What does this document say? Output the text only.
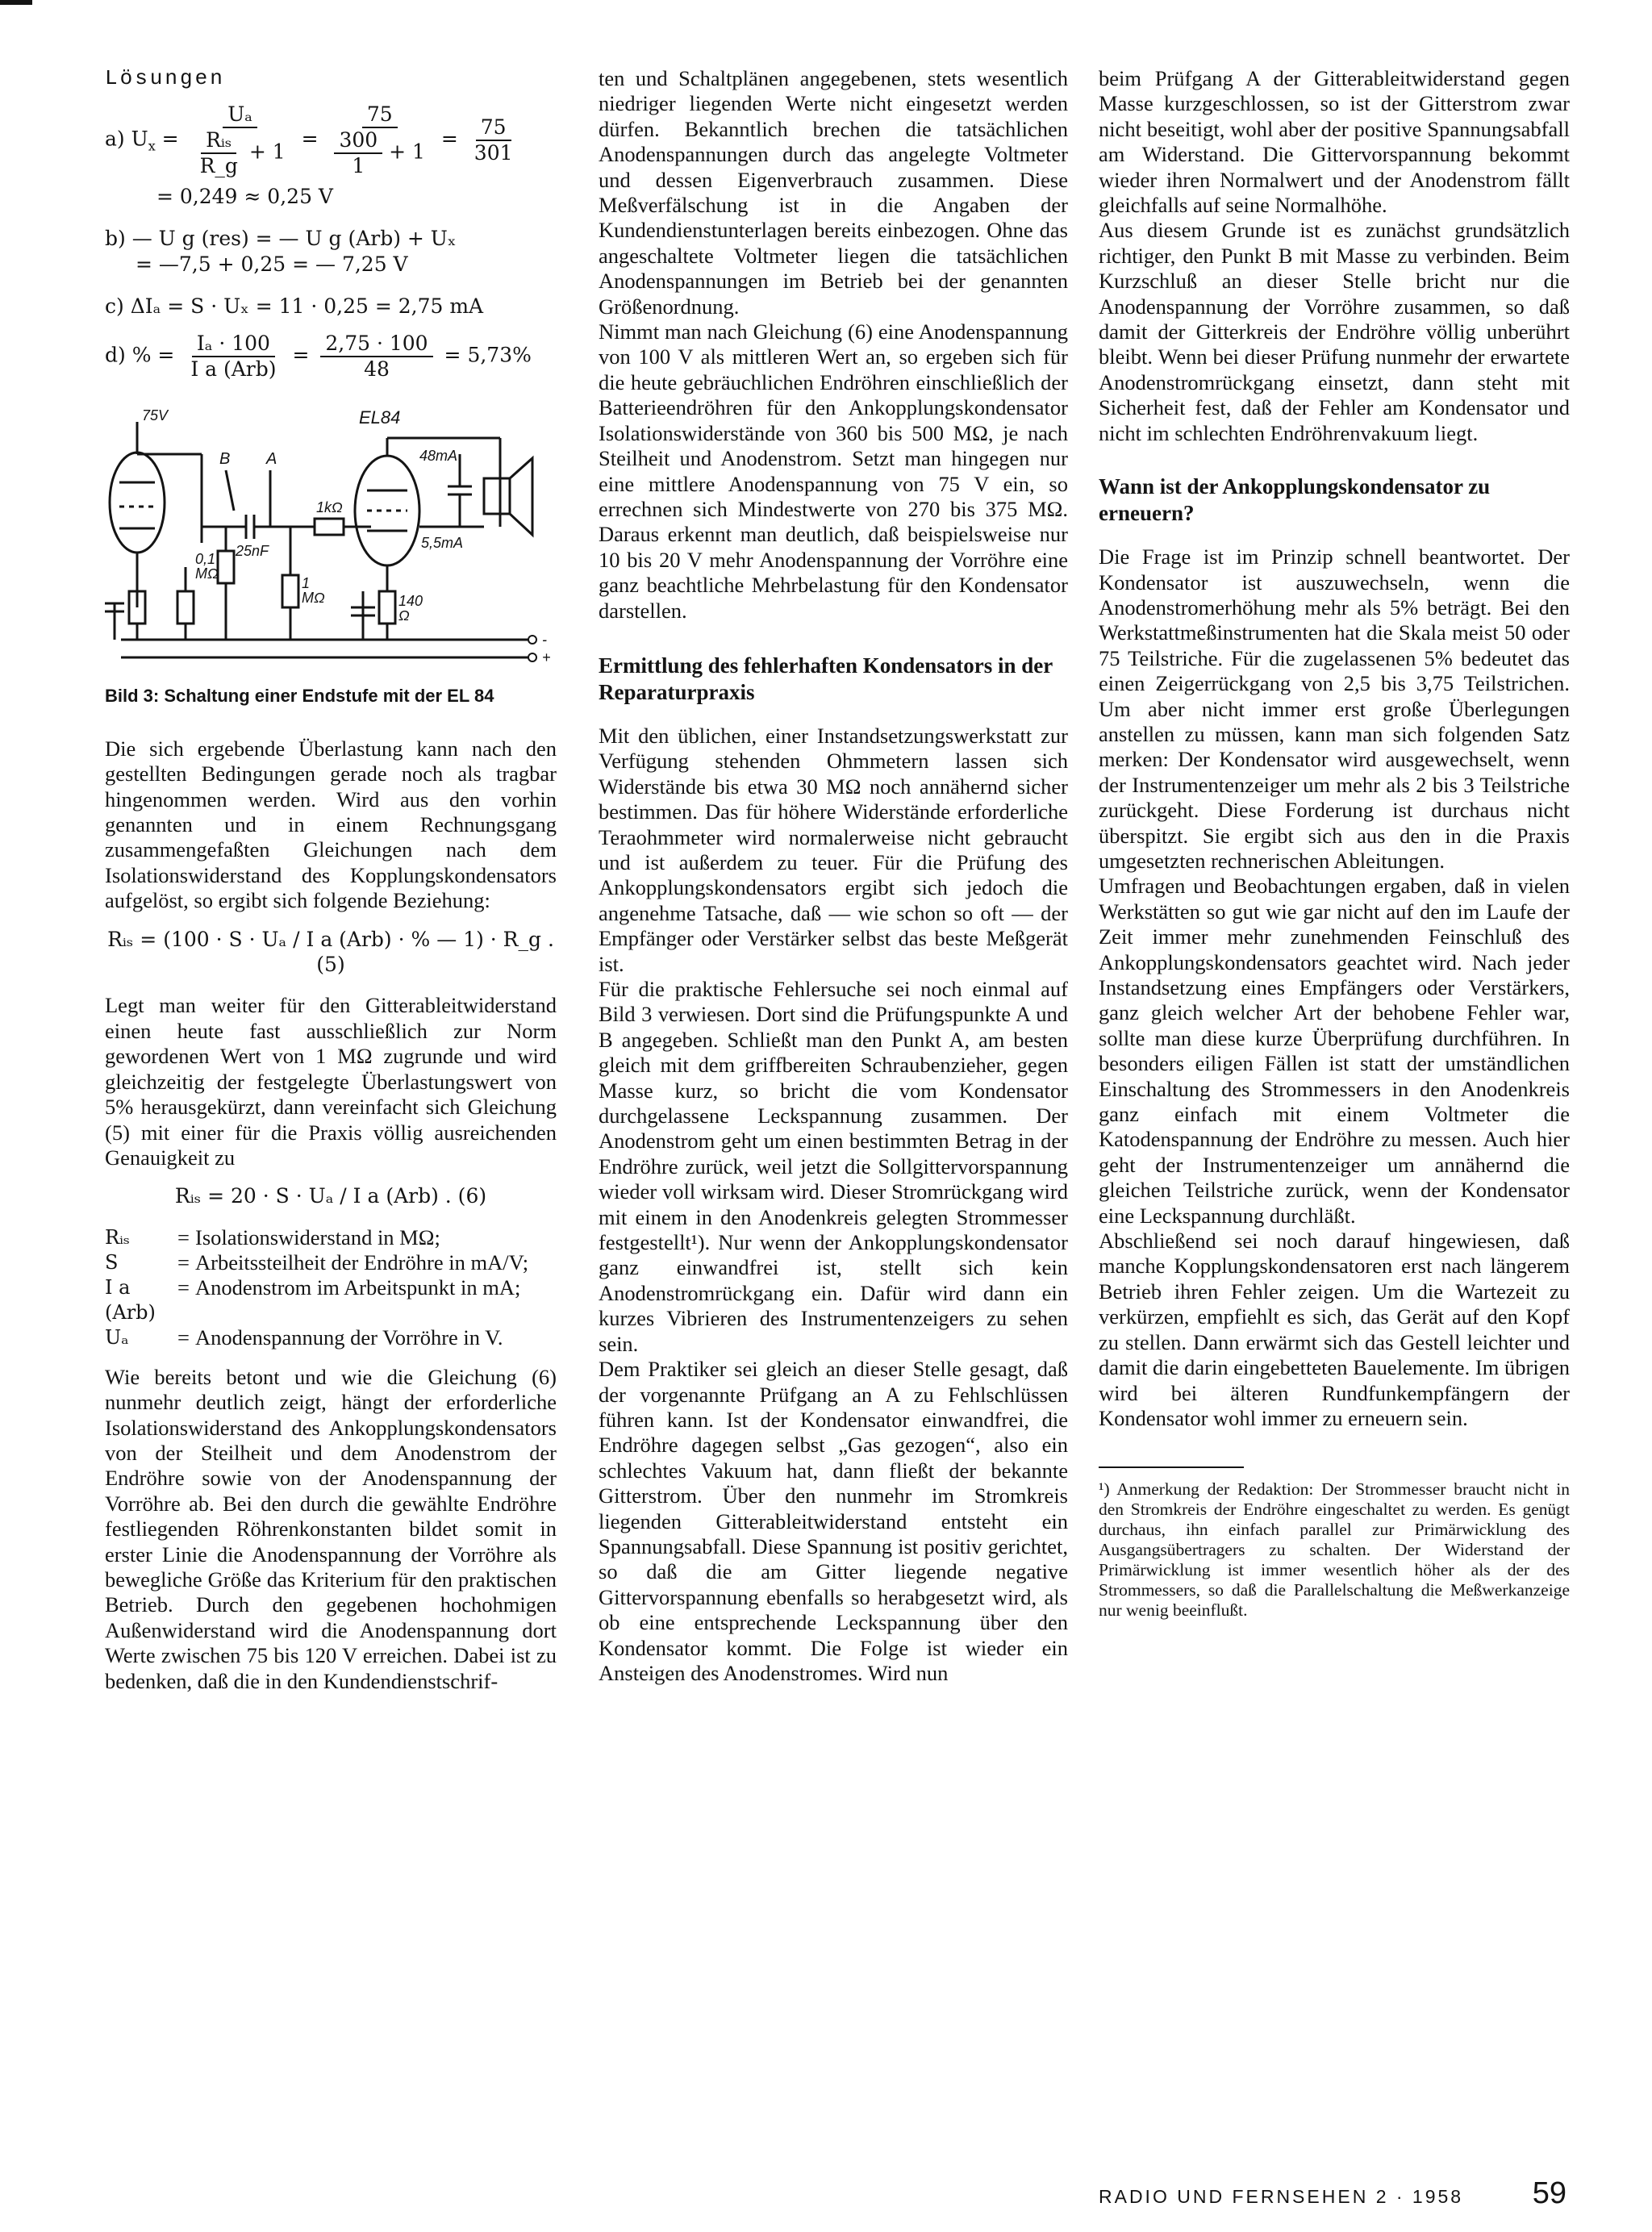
Lösungen
a) $U_x = \frac{\text{Uₐ}}{\frac{\text{Rᵢₛ}}{R\_g} + 1} = \frac{75}{\frac{300}{1} + 1} = \frac{75}{301}$
= 0,249 ≈ 0,25 V
b) — U g (res) = — U g (Arb) + Uₓ
= —7,5 + 0,25 = — 7,25 V
c) ΔIₐ = S · Uₓ = 11 · 0,25 = 2,75 mA
d) % = $\frac{\text{Iₐ · 100}}{\text{I a (Arb)}} = \frac{2,75 \cdot 100}{48} = 5,73\%$
75V	EL84
B A	48mA
1kΩ
0,1
MΩ
25nF
1
MΩ
5,5mA
140
Ω
-
+
Bild 3: Schaltung einer Endstufe mit der EL 84

Die sich ergebende Überlastung kann nach den gestellten Bedingungen gerade noch als tragbar hingenommen werden. Wird aus den vorhin genannten und in einem Rechnungsgang zusammengefaßten Gleichungen nach dem Isolationswiderstand des Kopplungskondensators aufgelöst, so ergibt sich folgende Beziehung:

Rᵢₛ = (100 · S · Uₐ / I a (Arb) · % — 1) · R_g . (5)

Legt man weiter für den Gitterableitwiderstand einen heute fast ausschließlich zur Norm gewordenen Wert von 1 MΩ zugrunde und wird gleichzeitig der festgelegte Überlastungswert von 5% herausgekürzt, dann vereinfacht sich Gleichung (5) mit einer für die Praxis völlig ausreichenden Genauigkeit zu

Rᵢₛ = 20 · S · Uₐ / I a (Arb) . (6)
Rᵢₛ	=	Isolationswiderstand in MΩ;
S	=	Arbeitssteilheit der Endröhre in mA/V;
I a (Arb)	=	Anodenstrom im Arbeitspunkt in mA;
Uₐ	=	Anodenspannung der Vorröhre in V.

Wie bereits betont und wie die Gleichung (6) nunmehr deutlich zeigt, hängt der erforderliche Isolationswiderstand des Ankopplungskondensators von der Steilheit und dem Anodenstrom der Endröhre sowie von der Anodenspannung der Vorröhre ab. Bei den durch die gewählte Endröhre festliegenden Röhrenkonstanten bildet somit in erster Linie die Anodenspannung der Vorröhre als bewegliche Größe das Kriterium für den praktischen Betrieb. Durch den gegebenen hochohmigen Außenwiderstand wird die Anodenspannung dort Werte zwischen 75 bis 120 V erreichen. Dabei ist zu bedenken, daß die in den Kundendienstschrif-

ten und Schaltplänen angegebenen, stets wesentlich niedriger liegenden Werte nicht eingesetzt werden dürfen. Bekanntlich brechen die tatsächlichen Anodenspannungen durch das angelegte Voltmeter und dessen Eigenverbrauch zusammen. Diese Meßverfälschung ist in die Angaben der Kundendienstunterlagen bereits einbezogen. Ohne das angeschaltete Voltmeter liegen die tatsächlichen Anodenspannungen im Betrieb bei der genannten Größenordnung.

Nimmt man nach Gleichung (6) eine Anodenspannung von 100 V als mittleren Wert an, so ergeben sich für die heute gebräuchlichen Endröhren einschließlich der Batterieendröhren für den Ankopplungskondensator Isolationswiderstände von 360 bis 500 MΩ, je nach Steilheit und Anodenstrom. Setzt man hingegen nur eine mittlere Anodenspannung von 75 V ein, so errechnen sich Mindestwerte von 270 bis 375 MΩ. Daraus erkennt man deutlich, daß beispielsweise nur 10 bis 20 V mehr Anodenspannung der Vorröhre eine ganz beachtliche Mehrbelastung für den Kondensator darstellen.

Ermittlung des fehlerhaften Kondensators in der Reparaturpraxis

Mit den üblichen, einer Instandsetzungswerkstatt zur Verfügung stehenden Ohmmetern lassen sich Widerstände bis etwa 30 MΩ noch annähernd sicher bestimmen. Das für höhere Widerstände erforderliche Teraohmmeter wird normalerweise nicht gebraucht und ist außerdem zu teuer. Für die Prüfung des Ankopplungskondensators ergibt sich jedoch die angenehme Tatsache, daß — wie schon so oft — der Empfänger oder Verstärker selbst das beste Meßgerät ist.

Für die praktische Fehlersuche sei noch einmal auf Bild 3 verwiesen. Dort sind die Prüfungspunkte A und B angegeben. Schließt man den Punkt A, am besten gleich mit dem griffbereiten Schraubenzieher, gegen Masse kurz, so bricht die vom Kondensator durchgelassene Leckspannung zusammen. Der Anodenstrom geht um einen bestimmten Betrag in der Endröhre zurück, weil jetzt die Sollgittervorspannung wieder voll wirksam wird. Dieser Stromrückgang wird mit einem in den Anodenkreis gelegten Strommesser festgestellt¹). Nur wenn der Ankopplungskondensator ganz einwandfrei ist, stellt sich kein Anodenstromrückgang ein. Dafür wird dann ein kurzes Vibrieren des Instrumentenzeigers zu sehen sein.

Dem Praktiker sei gleich an dieser Stelle gesagt, daß der vorgenannte Prüfgang an A zu Fehlschlüssen führen kann. Ist der Kondensator einwandfrei, die Endröhre dagegen selbst „Gas gezogen“, also ein schlechtes Vakuum hat, dann fließt der bekannte Gitterstrom. Über den nunmehr im Stromkreis liegenden Gitterableitwiderstand entsteht ein Spannungsabfall. Diese Spannung ist positiv gerichtet, so daß die am Gitter liegende negative Gittervorspannung ebenfalls so herabgesetzt wird, als ob eine entsprechende Leckspannung über den Kondensator kommt. Die Folge ist wieder ein Ansteigen des Anodenstromes. Wird nun

beim Prüfgang A der Gitterableitwiderstand gegen Masse kurzgeschlossen, so ist der Gitterstrom zwar nicht beseitigt, wohl aber der positive Spannungsabfall am Widerstand. Die Gittervorspannung bekommt wieder ihren Normalwert und der Anodenstrom fällt gleichfalls auf seine Normalhöhe.

Aus diesem Grunde ist es zunächst grundsätzlich richtiger, den Punkt B mit Masse zu verbinden. Beim Kurzschluß an dieser Stelle bricht nur die Anodenspannung der Vorröhre zusammen, so daß damit der Gitterkreis der Endröhre völlig unberührt bleibt. Wenn bei dieser Prüfung nunmehr der erwartete Anodenstromrückgang einsetzt, dann steht mit Sicherheit fest, daß der Fehler am Kondensator und nicht im schlechten Endröhrenvakuum liegt.

Wann ist der Ankopplungskondensator zu erneuern?

Die Frage ist im Prinzip schnell beantwortet. Der Kondensator ist auszuwechseln, wenn die Anodenstromerhöhung mehr als 5% beträgt. Bei den Werkstattmeßinstrumenten hat die Skala meist 50 oder 75 Teilstriche. Für die zugelassenen 5% bedeutet das einen Zeigerrückgang von 2,5 bis 3,75 Teilstrichen. Um aber nicht immer erst große Überlegungen anstellen zu müssen, kann man sich folgenden Satz merken: Der Kondensator wird ausgewechselt, wenn der Instrumentenzeiger um mehr als 2 bis 3 Teilstriche zurückgeht. Diese Forderung ist durchaus nicht überspitzt. Sie ergibt sich aus den in die Praxis umgesetzten rechnerischen Ableitungen.

Umfragen und Beobachtungen ergaben, daß in vielen Werkstätten so gut wie gar nicht auf den im Laufe der Zeit immer mehr zunehmenden Feinschluß des Ankopplungskondensators geachtet wird. Nach jeder Instandsetzung eines Empfängers oder Verstärkers, ganz gleich welcher Art der behobene Fehler war, sollte man diese kurze Überprüfung durchführen. In besonders eiligen Fällen ist statt der umständlichen Einschaltung des Strommessers in den Anodenkreis ganz einfach mit einem Voltmeter die Katodenspannung der Endröhre zu messen. Auch hier geht der Instrumentenzeiger um annähernd die gleichen Teilstriche zurück, wenn der Kondensator eine Leckspannung durchläßt.

Abschließend sei noch darauf hingewiesen, daß manche Kopplungskondensatoren erst nach längerem Betrieb ihren Fehler zeigen. Um die Wartezeit zu verkürzen, empfiehlt es sich, das Gerät auf den Kopf zu stellen. Dann erwärmt sich das Gestell leichter und damit die darin eingebetteten Bauelemente. Im übrigen wird bei älteren Rundfunkempfängern der Kondensator wohl immer zu erneuern sein.

¹) Anmerkung der Redaktion: Der Strommesser braucht nicht in den Stromkreis der Endröhre eingeschaltet zu werden. Es genügt durchaus, ihn einfach parallel zur Primärwicklung des Ausgangsübertragers zu schalten. Der Widerstand der Primärwicklung ist immer wesentlich höher als der des Strommessers, so daß die Parallelschaltung die Meßwerkanzeige nur wenig beeinflußt.

RADIO UND FERNSEHEN 2 · 1958 59
